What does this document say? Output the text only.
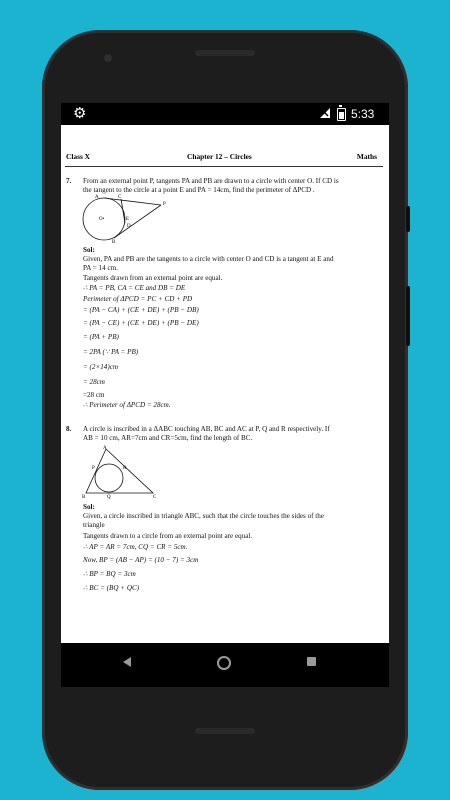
⚙	5:33
Class X	Chapter 12 – Circles	Maths
7. From an external point P, tangents PA and PB are drawn to a circle with center O. If CD is
the tangent to the circle at a point E and PA = 14cm, find the perimeter of ΔPCD .
A	C
P
O•	E
D
B
Sol:
Given, PA and PB are the tangents to a circle with center O and CD is a tangent at E and
PA = 14 cm.
Tangents drawn from an external point are equal.
∴ PA = PB, CA = CE and DB = DE
Perimeter of ΔPCD = PC + CD + PD
= (PA − CA) + (CE + DE) + (PB − DB)
= (PA − CE) + (CE + DE) + (PB − DE)
= (PA + PB)
= 2PA (∵ PA = PB)
= (2×14)cm
= 28cm
=28 cm
∴ Perimeter of ΔPCD = 28cm.
8. A circle is inscribed in a ΔABC touching AB, BC and AC at P, Q and R respectively. If
AB = 10 cm, AR=7cm and CR=5cm, find the length of BC.
A
P	R
B	Q	C
Sol:
Given, a circle inscribed in triangle ABC, such that the circle touches the sides of the
triangle
Tangents drawn to a circle from an external point are equal.
∴ AP = AR = 7cm, CQ = CR = 5cm.
Now, BP = (AB − AP) = (10 − 7) = 3cm
∴ BP = BQ = 3cm
∴ BC = (BQ + QC)
